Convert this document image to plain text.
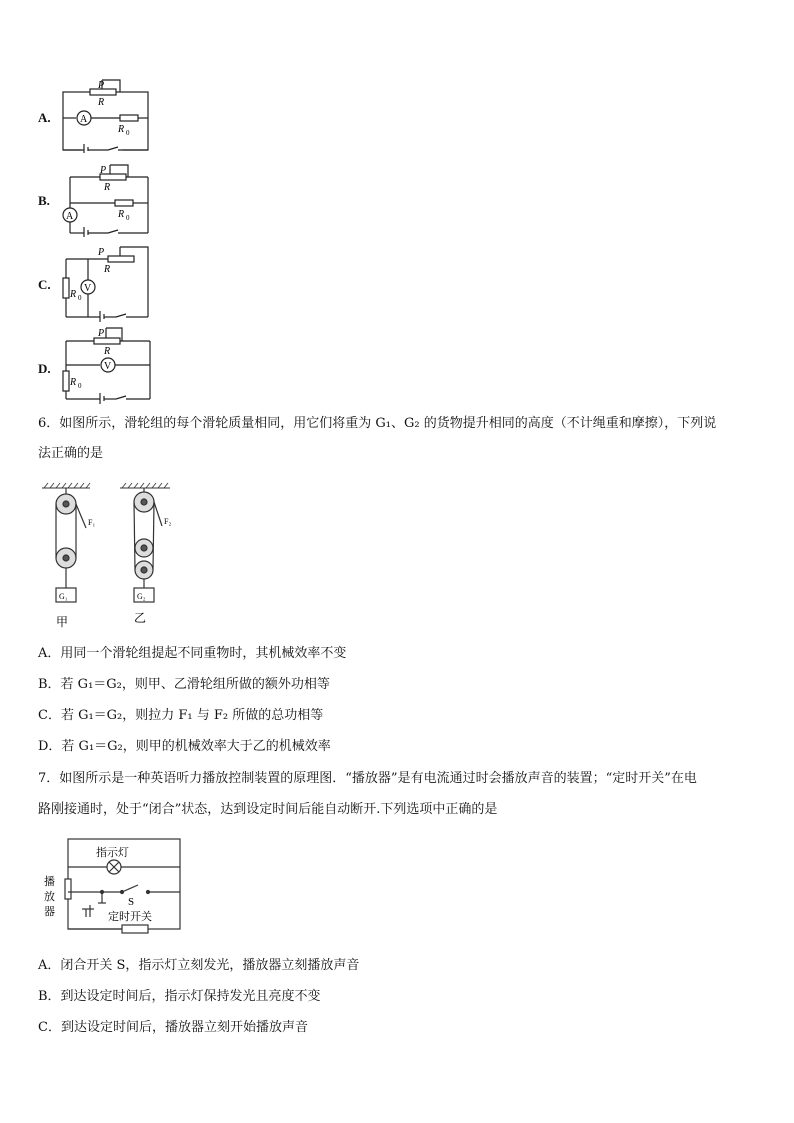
A.
P
R
A
R 0
B.
P
R
A	R 0
C.
P
R
V
R 0
D.
P
R
V
R 0
6．如图所示，滑轮组的每个滑轮质量相同，用它们将重为 G₁、G₂ 的货物提升相同的高度（不计绳重和摩擦），下列说
法正确的是
F₁	F₂
G₁	G₂
甲	乙
A．用同一个滑轮组提起不同重物时，其机械效率不变
B．若 G₁＝G₂，则甲、乙滑轮组所做的额外功相等
C．若 G₁＝G₂，则拉力 F₁ 与 F₂ 所做的总功相等
D．若 G₁＝G₂，则甲的机械效率大于乙的机械效率
7．如图所示是一种英语听力播放控制装置的原理图．“播放器”是有电流通过时会播放声音的装置；“定时开关”在电
路刚接通时，处于“闭合”状态，达到设定时间后能自动断开.下列选项中正确的是
指示灯
播
放
器
S
定时开关
A．闭合开关 S，指示灯立刻发光，播放器立刻播放声音
B．到达设定时间后，指示灯保持发光且亮度不变
C．到达设定时间后，播放器立刻开始播放声音
